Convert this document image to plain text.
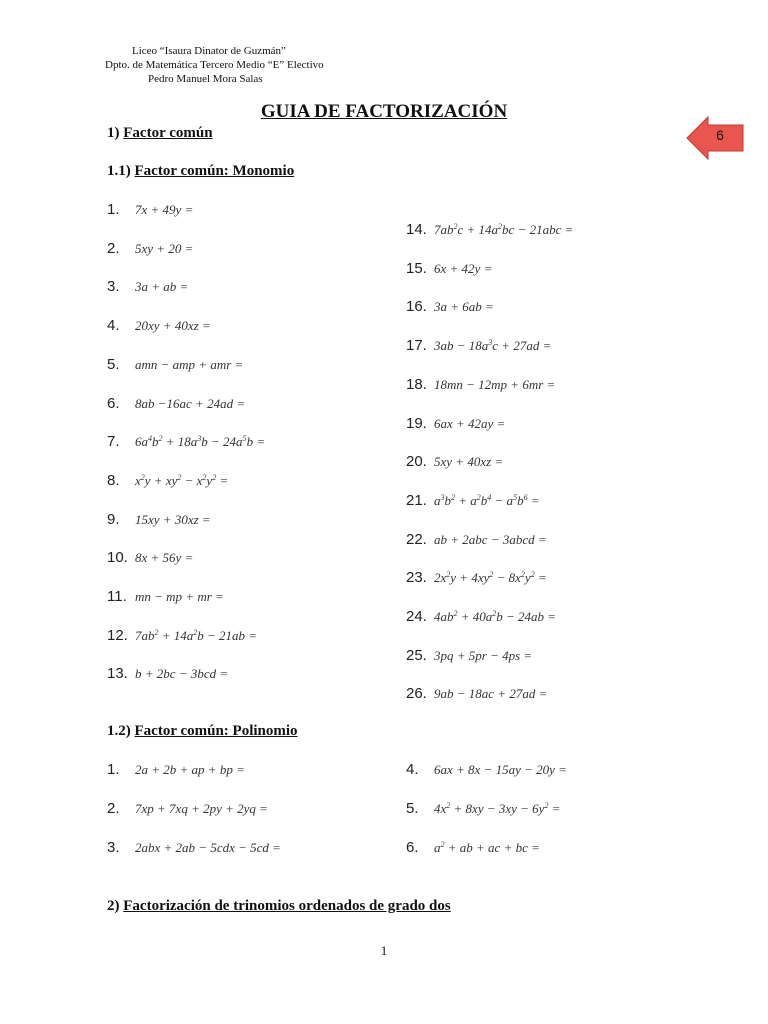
Liceo “Isaura Dinator de Guzmán”
Dpto. de Matemática Tercero Medio “E” Electivo
Pedro Manuel Mora Salas
GUIA DE FACTORIZACIÓN
6
1) Factor común
1.1) Factor común: Monomio
1. 7x + 49y =
2. 5xy + 20 =
3. 3a + ab =
4. 20xy + 40xz =
5. amn − amp + amr =
6. 8ab −16ac + 24ad =
7. $6a^4b^2 + 18a^3b - 24a^5b$ =
8. $x^2y + xy^2 - x^2y^2$ =
9. 15xy + 30xz =
10. 8x + 56y =
11. mn − mp + mr =
12. $7ab^2 + 14a^2b - 21ab$ =
13. b + 2bc − 3bcd =
14. $7ab^2c + 14a^2bc - 21abc$ =
15. 6x + 42y =
16. 3a + 6ab =
17. $3ab - 18a^3c + 27ad$ =
18. 18mn − 12mp + 6mr =
19. 6ax + 42ay =
20. 5xy + 40xz =
21. $a^3b^2 + a^2b^4 - a^5b^6$ =
22. ab + 2abc − 3abcd =
23. $2x^2y + 4xy^2 - 8x^2y^2$ =
24. $4ab^2 + 40a^2b - 24ab$ =
25. 3pq + 5pr − 4ps =
26. 9ab − 18ac + 27ad =
1.2) Factor común: Polinomio
1. 2a + 2b + ap + bp =
2. 7xp + 7xq + 2py + 2yq =
3. 2abx + 2ab − 5cdx − 5cd =
4. 6ax + 8x − 15ay − 20y =
5. $4x^2 + 8xy - 3xy - 6y^2$ =
6. $a^2$ + ab + ac + bc =
2) Factorización de trinomios ordenados de grado dos
1
